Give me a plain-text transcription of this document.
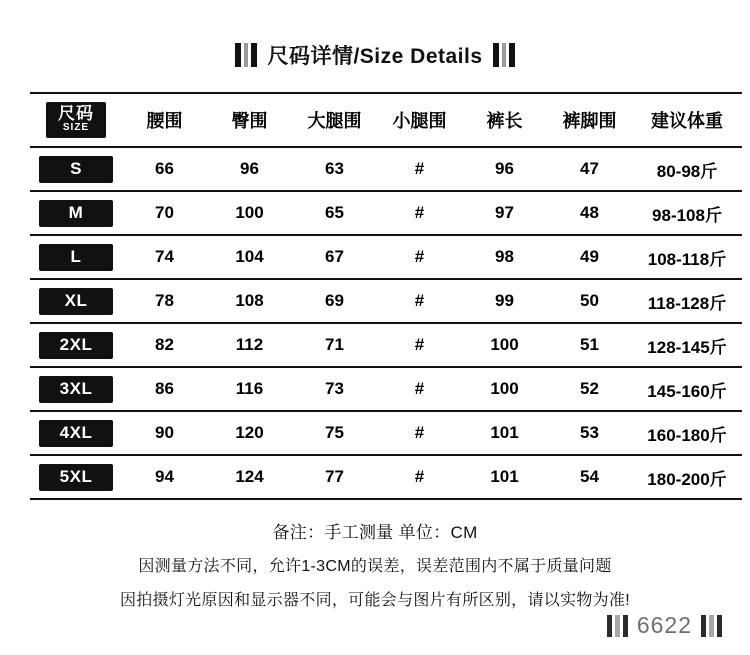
尺码详情/Size Details
尺码
SIZE	腰围	臀围	大腿围	小腿围	裤长	裤脚围	建议体重
S	66	96	63	#	96	47	80-98斤
M	70	100	65	#	97	48	98-108斤
L	74	104	67	#	98	49	108-118斤
XL	78	108	69	#	99	50	118-128斤
2XL	82	112	71	#	100	51	128-145斤
3XL	86	116	73	#	100	52	145-160斤
4XL	90	120	75	#	101	53	160-180斤
5XL	94	124	77	#	101	54	180-200斤
备注：手工测量 单位：CM
因测量方法不同，允许1-3CM的误差，误差范围内不属于质量问题
因拍摄灯光原因和显示器不同，可能会与图片有所区别，请以实物为准!
6622
